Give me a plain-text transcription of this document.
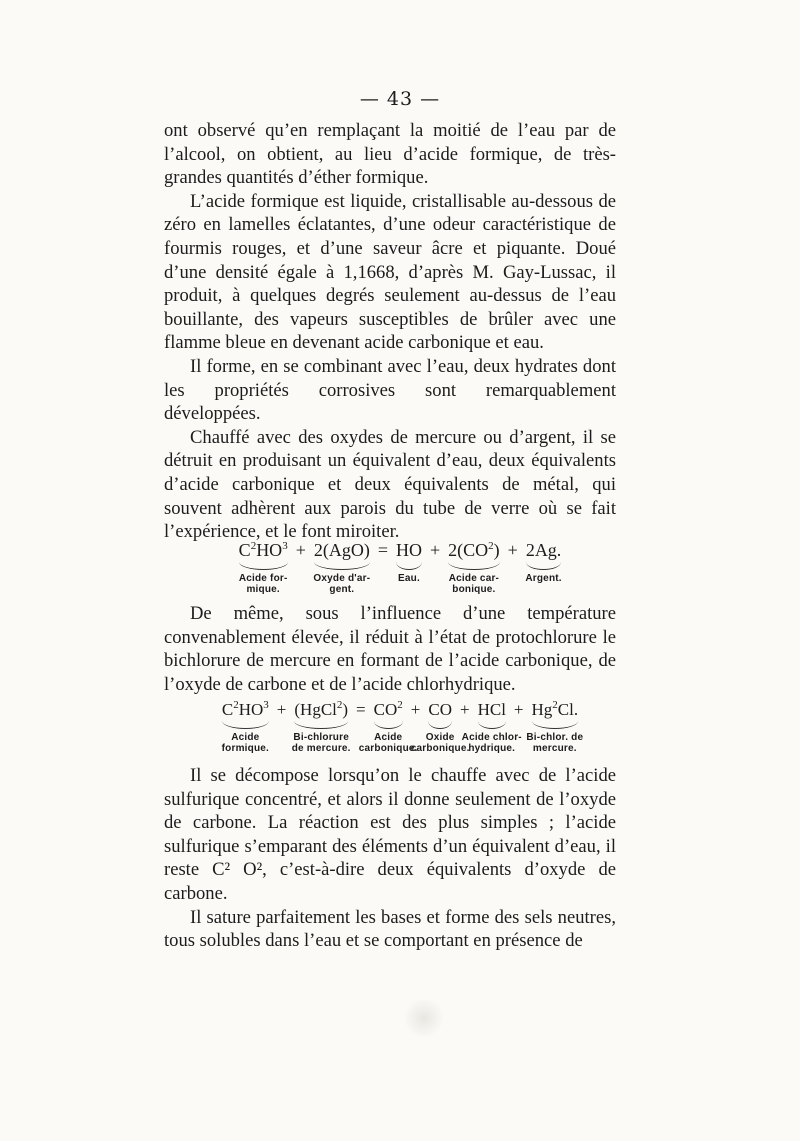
— 43 —

ont observé qu’en remplaçant la moitié de l’eau par de l’alcool, on obtient, au lieu d’acide formique, de très-grandes quantités d’éther formique.

L’acide formique est liquide, cristallisable au-dessous de zéro en lamelles éclatantes, d’une odeur caractéristique de fourmis rouges, et d’une saveur âcre et piquante. Doué d’une densité égale à 1,1668, d’après M. Gay-Lussac, il produit, à quelques degrés seulement au-dessus de l’eau bouillante, des vapeurs susceptibles de brûler avec une flamme bleue en devenant acide carbonique et eau.

Il forme, en se combinant avec l’eau, deux hydrates dont les propriétés corrosives sont remarquablement développées.

Chauffé avec des oxydes de mercure ou d’argent, il se détruit en produisant un équivalent d’eau, deux équivalents d’acide carbonique et deux équivalents de métal, qui souvent adhèrent aux parois du tube de verre où se fait l’expérience, et le font miroiter.

$C^2HO^3$
Acide for-
mique.
+ 2(AgO)
Oxyde d'ar-
gent.
= HO
Eau.
+ $2(CO^2)$
Acide car-
bonique.
+ 2Ag.
Argent.

De même, sous l’influence d’une température convenablement élevée, il réduit à l’état de protochlorure le bichlorure de mercure en formant de l’acide carbonique, de l’oxyde de carbone et de l’acide chlorhydrique.

$C^2HO^3$
Acide
formique.
+ (HgCl$^2$)
Bi-chlorure
de mercure.
= $CO^2$
Acide
carbonique.
+ CO
Oxide
carbonique.
+ HCl
Acide chlor-
hydrique.
+ $Hg^2Cl$.
Bi-chlor. de
mercure.

Il se décompose lorsqu’on le chauffe avec de l’acide sulfurique concentré, et alors il donne seulement de l’oxyde de carbone. La réaction est des plus simples ; l’acide sulfurique s’emparant des éléments d’un équivalent d’eau, il reste C² O², c’est-à-dire deux équivalents d’oxyde de carbone.

Il sature parfaitement les bases et forme des sels neutres, tous solubles dans l’eau et se comportant en présence de
